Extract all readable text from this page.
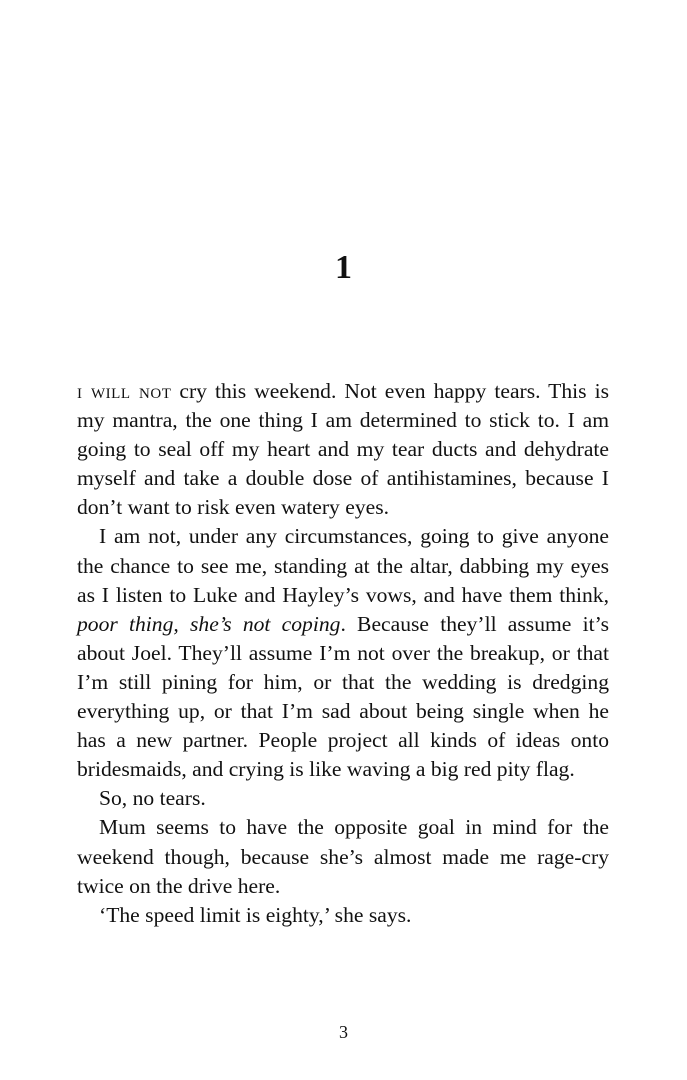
1

i will not cry this weekend. Not even happy tears. This is my mantra, the one thing I am determined to stick to. I am going to seal off my heart and my tear ducts and dehydrate myself and take a double dose of antihistamines, because I don’t want to risk even watery eyes.

I am not, under any circumstances, going to give anyone the chance to see me, standing at the altar, dabbing my eyes as I listen to Luke and Hayley’s vows, and have them think, poor thing, she’s not coping. Because they’ll assume it’s about Joel. They’ll assume I’m not over the breakup, or that I’m still pining for him, or that the wedding is dredging everything up, or that I’m sad about being single when he has a new partner. People project all kinds of ideas onto bridesmaids, and crying is like waving a big red pity flag.

So, no tears.

Mum seems to have the opposite goal in mind for the weekend though, because she’s almost made me rage-cry twice on the drive here.

‘The speed limit is eighty,’ she says.

3
